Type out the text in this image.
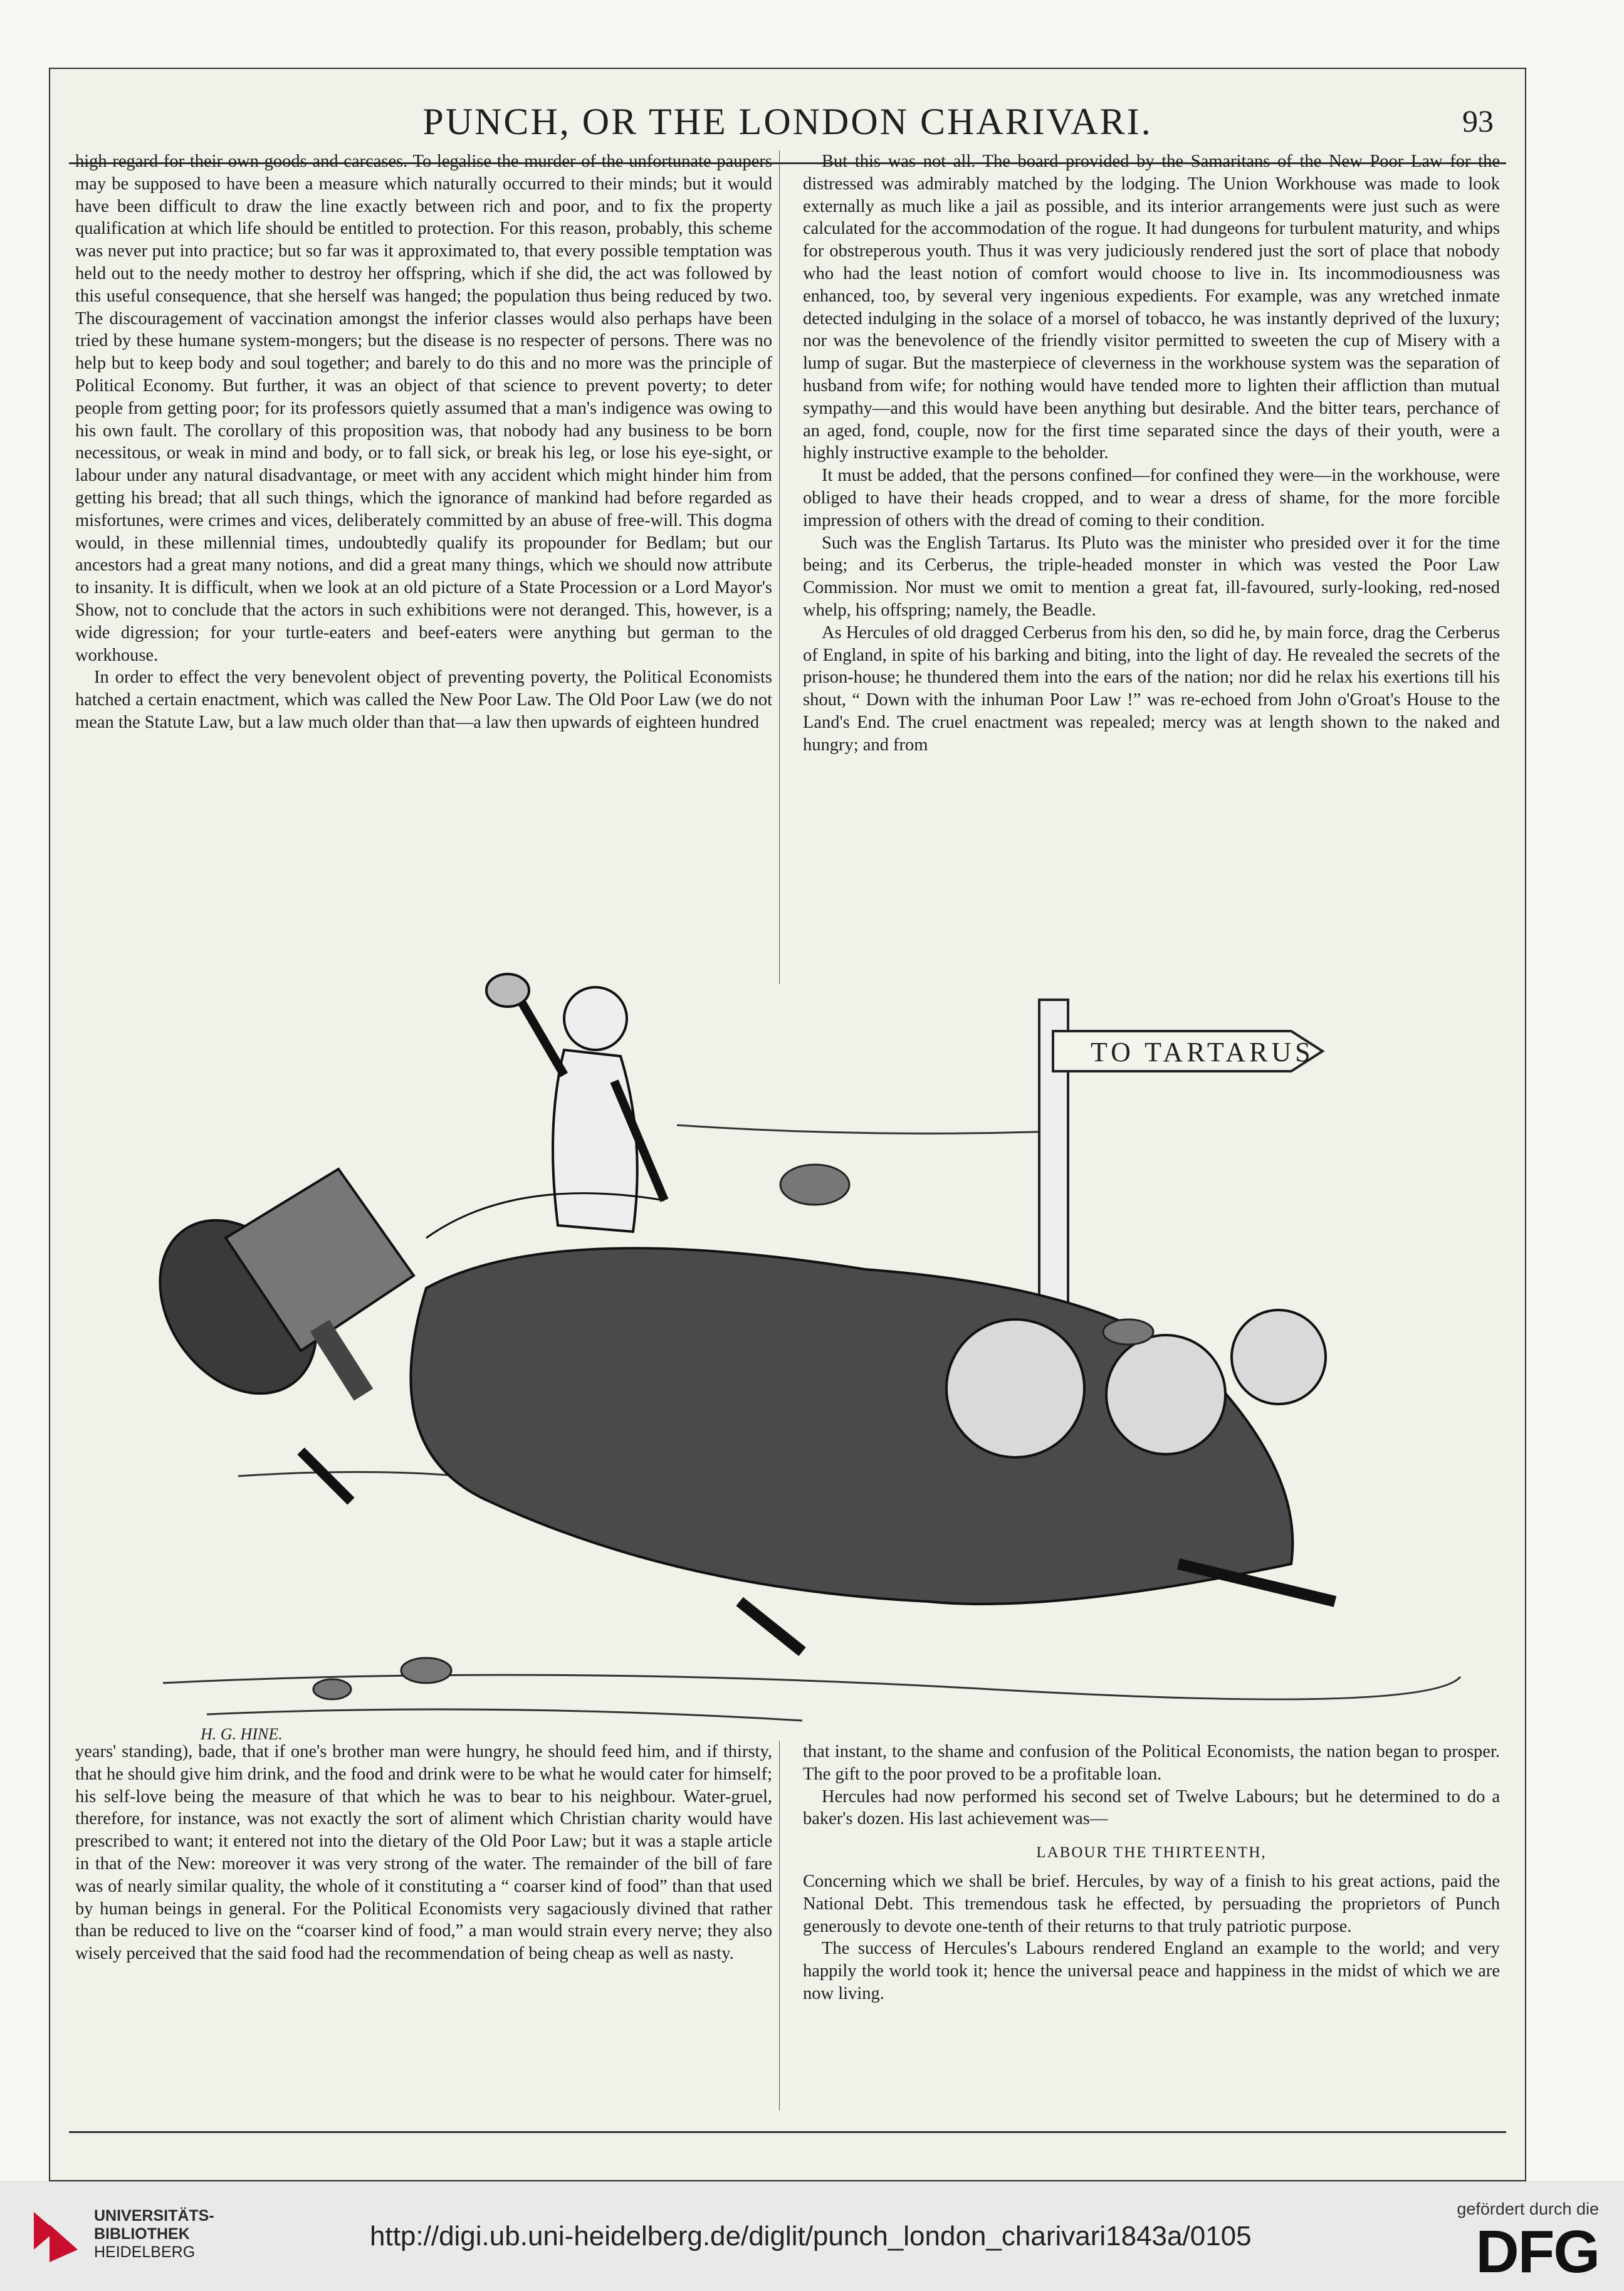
PUNCH, OR THE LONDON CHARIVARI.	93

high regard for their own goods and carcases. To legalise the murder of the unfortunate paupers may be supposed to have been a measure which naturally occurred to their minds; but it would have been difficult to draw the line exactly between rich and poor, and to fix the property qualification at which life should be entitled to protection. For this reason, probably, this scheme was never put into practice; but so far was it approximated to, that every possible temptation was held out to the needy mother to destroy her offspring, which if she did, the act was followed by this useful consequence, that she herself was hanged; the population thus being reduced by two. The discouragement of vaccination amongst the inferior classes would also perhaps have been tried by these humane system-mongers; but the disease is no respecter of persons. There was no help but to keep body and soul together; and barely to do this and no more was the principle of Political Economy. But further, it was an object of that science to prevent poverty; to deter people from getting poor; for its professors quietly assumed that a man's indigence was owing to his own fault. The corollary of this proposition was, that nobody had any business to be born necessitous, or weak in mind and body, or to fall sick, or break his leg, or lose his eye-sight, or labour under any natural disadvantage, or meet with any accident which might hinder him from getting his bread; that all such things, which the ignorance of mankind had before regarded as misfortunes, were crimes and vices, deliberately committed by an abuse of free-will. This dogma would, in these millennial times, undoubtedly qualify its propounder for Bedlam; but our ancestors had a great many notions, and did a great many things, which we should now attribute to insanity. It is difficult, when we look at an old picture of a State Procession or a Lord Mayor's Show, not to conclude that the actors in such exhibitions were not deranged. This, however, is a wide digression; for your turtle-eaters and beef-eaters were anything but german to the workhouse.

In order to effect the very benevolent object of preventing poverty, the Political Economists hatched a certain enactment, which was called the New Poor Law. The Old Poor Law (we do not mean the Statute Law, but a law much older than that—a law then upwards of eighteen hundred

But this was not all. The board provided by the Samaritans of the New Poor Law for the distressed was admirably matched by the lodging. The Union Workhouse was made to look externally as much like a jail as possible, and its interior arrangements were just such as were calculated for the accommodation of the rogue. It had dungeons for turbulent maturity, and whips for obstreperous youth. Thus it was very judiciously rendered just the sort of place that nobody who had the least notion of comfort would choose to live in. Its incommodiousness was enhanced, too, by several very ingenious expedients. For example, was any wretched inmate detected indulging in the solace of a morsel of tobacco, he was instantly deprived of the luxury; nor was the benevolence of the friendly visitor permitted to sweeten the cup of Misery with a lump of sugar. But the masterpiece of cleverness in the workhouse system was the separation of husband from wife; for nothing would have tended more to lighten their affliction than mutual sympathy—and this would have been anything but desirable. And the bitter tears, perchance of an aged, fond, couple, now for the first time separated since the days of their youth, were a highly instructive example to the beholder.

It must be added, that the persons confined—for confined they were—in the workhouse, were obliged to have their heads cropped, and to wear a dress of shame, for the more forcible impression of others with the dread of coming to their condition.

Such was the English Tartarus. Its Pluto was the minister who presided over it for the time being; and its Cerberus, the triple-headed monster in which was vested the Poor Law Commission. Nor must we omit to mention a great fat, ill-favoured, surly-looking, red-nosed whelp, his offspring; namely, the Beadle.

As Hercules of old dragged Cerberus from his den, so did he, by main force, drag the Cerberus of England, in spite of his barking and biting, into the light of day. He revealed the secrets of the prison-house; he thundered them into the ears of the nation; nor did he relax his exertions till his shout, “ Down with the inhuman Poor Law !” was re-echoed from John o'Groat's House to the Land's End. The cruel enactment was repealed; mercy was at length shown to the naked and hungry; and from

TO TARTARUS
H. G. HINE.

years' standing), bade, that if one's brother man were hungry, he should feed him, and if thirsty, that he should give him drink, and the food and drink were to be what he would cater for himself; his self-love being the measure of that which he was to bear to his neighbour. Water-gruel, therefore, for instance, was not exactly the sort of aliment which Christian charity would have prescribed to want; it entered not into the dietary of the Old Poor Law; but it was a staple article in that of the New: moreover it was very strong of the water. The remainder of the bill of fare was of nearly similar quality, the whole of it constituting a “ coarser kind of food” than that used by human beings in general. For the Political Economists very sagaciously divined that rather than be reduced to live on the “coarser kind of food,” a man would strain every nerve; they also wisely perceived that the said food had the recommendation of being cheap as well as nasty.

that instant, to the shame and confusion of the Political Economists, the nation began to prosper. The gift to the poor proved to be a profitable loan.

Hercules had now performed his second set of Twelve Labours; but he determined to do a baker's dozen. His last achievement was—

LABOUR THE THIRTEENTH,

Concerning which we shall be brief. Hercules, by way of a finish to his great actions, paid the National Debt. This tremendous task he effected, by persuading the proprietors of Punch generously to devote one-tenth of their returns to that truly patriotic purpose.

The success of Hercules's Labours rendered England an example to the world; and very happily the world took it; hence the universal peace and happiness in the midst of which we are now living.

UNIVERSITÄTS-
BIBLIOTHEK
HEIDELBERG
http://digi.ub.uni-heidelberg.de/diglit/punch_london_charivari1843a/0105
gefördert durch die
DFG
